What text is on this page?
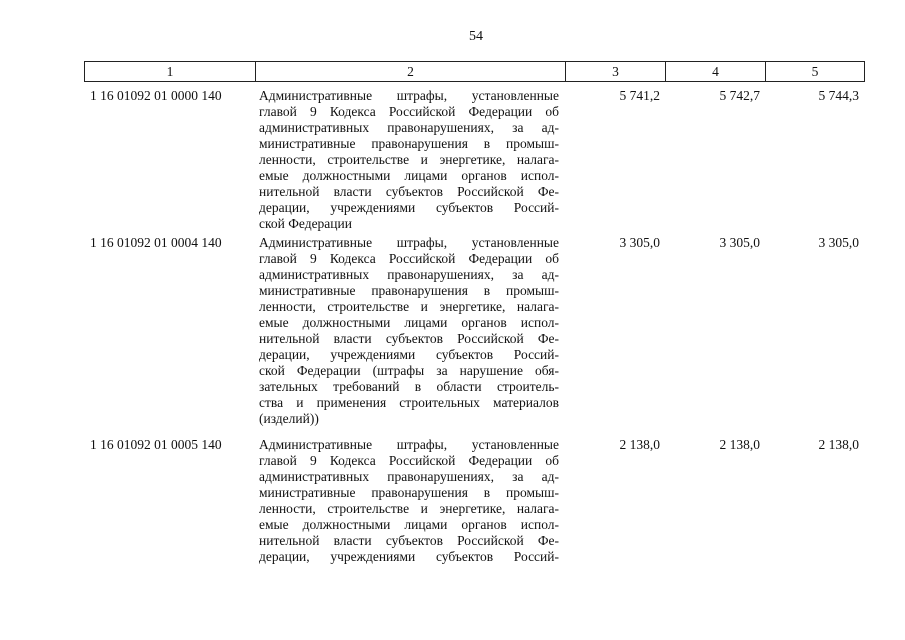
54
1	2	3	4	5
1 16 01092 01 0000 140	Административные штрафы, установленные
главой 9 Кодекса Российской Федерации об
административных правонарушениях, за ад-
министративные правонарушения в промыш-
ленности, строительстве и энергетике, налага-
емые должностными лицами органов испол-
нительной власти субъектов Российской Фе-
дерации, учреждениями субъектов Россий-
ской Федерации
5 741,2	5 742,7	5 744,3
1 16 01092 01 0004 140	Административные штрафы, установленные
главой 9 Кодекса Российской Федерации об
административных правонарушениях, за ад-
министративные правонарушения в промыш-
ленности, строительстве и энергетике, налага-
емые должностными лицами органов испол-
нительной власти субъектов Российской Фе-
дерации, учреждениями субъектов Россий-
ской Федерации (штрафы за нарушение обя-
зательных требований в области строитель-
ства и применения строительных материалов
(изделий))
3 305,0	3 305,0	3 305,0
1 16 01092 01 0005 140	Административные штрафы, установленные
главой 9 Кодекса Российской Федерации об
административных правонарушениях, за ад-
министративные правонарушения в промыш-
ленности, строительстве и энергетике, налага-
емые должностными лицами органов испол-
нительной власти субъектов Российской Фе-
дерации, учреждениями субъектов Россий-
2 138,0	2 138,0	2 138,0
